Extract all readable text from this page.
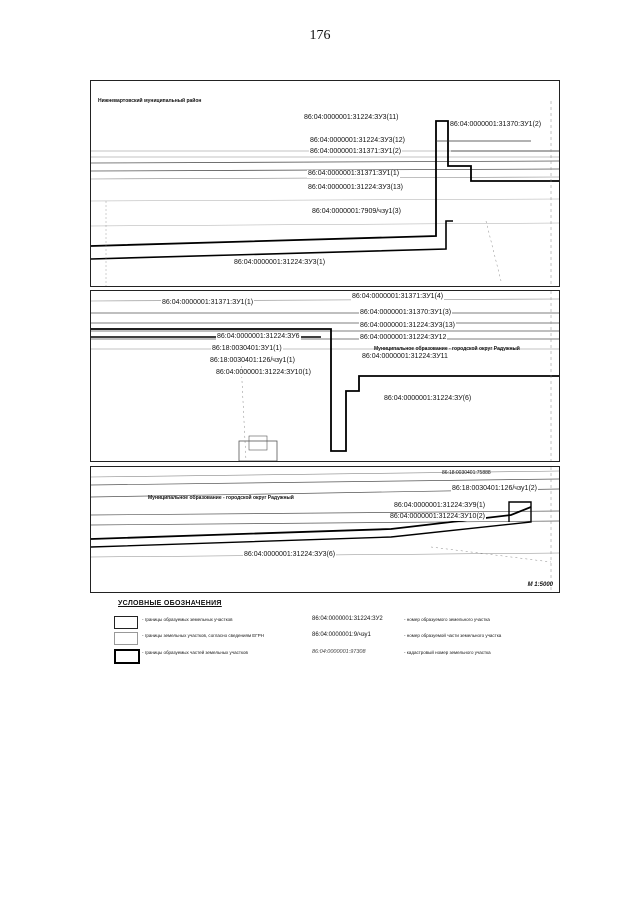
176
Нижневартовский муниципальный район
86:04:0000001:31224:ЗУ3(11)
86:04:0000001:31370:ЗУ1(2)
86:04:0000001:31224:ЗУ3(12)
86:04:0000001:31371:ЗУ1(2)
86:04:0000001:31371:ЗУ1(1)
86:04:0000001:31224:ЗУ3(13)
86:04:0000001:7909/чзу1(3)
86:04:0000001:31224:ЗУ3(1)
86:04:0000001:31371:ЗУ1(1)
86:04:0000001:31371:ЗУ1(4)
86:04:0000001:31370:ЗУ1(3)
86:04:0000001:31224:ЗУ3(13)
86:04:0000001:31224:ЗУ6	86:04:0000001:31224:ЗУ12
Муниципальное образование - городской округ Радужный
86:18:0030401:ЗУ1(1)
86:04:0000001:31224:ЗУ11
86:18:0030401:126/чзу1(1)
86:04:0000001:31224:ЗУ10(1)
86:04:0000001:31224:ЗУ(6)
86:18:0030401:75888
86:18:0030401:126/чзу1(2)
Муниципальное образование - городской округ Радужный
86:04:0000001:31224:ЗУ9(1)
86:04:0000001:31224:ЗУ10(2)
86:04:0000001:31224:ЗУ3(6)
М 1:5000
УСЛОВНЫЕ ОБОЗНАЧЕНИЯ
- границы образуемых земельных участков	86:04:0000001:31224:ЗУ2	- номер образуемого земельного участка
- границы земельных участков, согласно сведениям ЕГРН	86:04:0000001:9/чзу1	- номер образуемой части земельного участка
- границы образуемых частей земельных участков	86:04:0000001:97308	- кадастровый номер земельного участка
